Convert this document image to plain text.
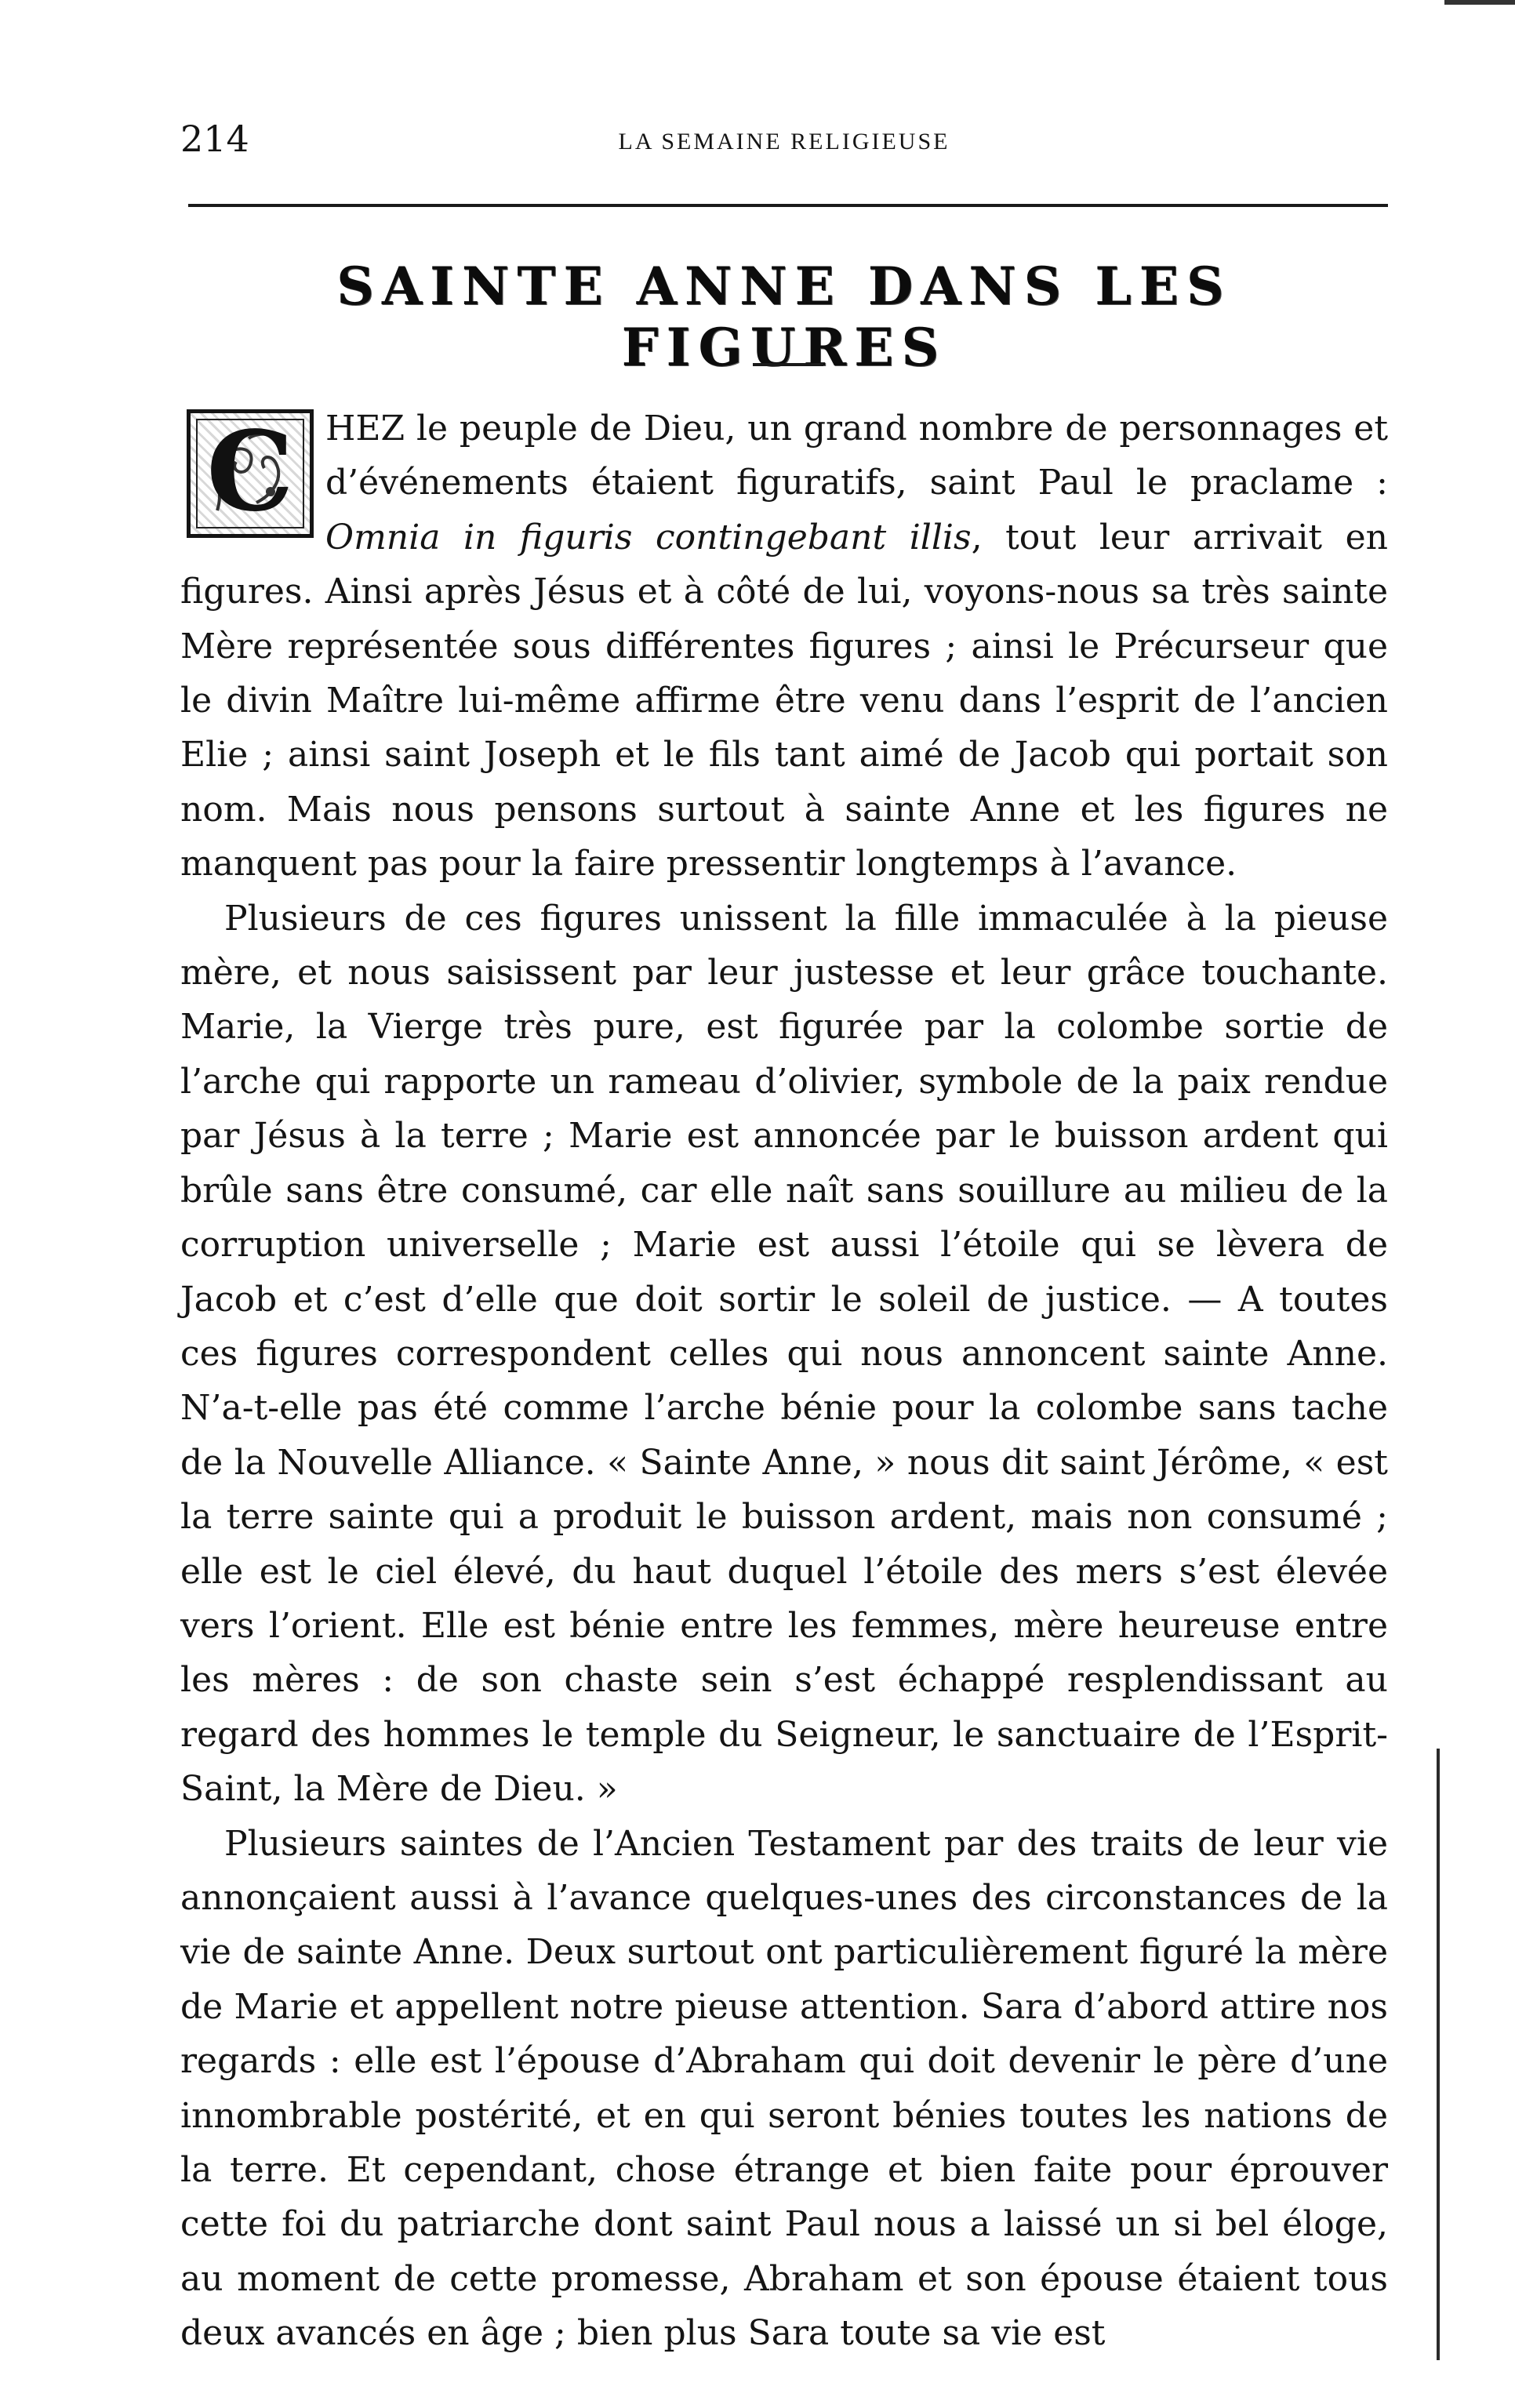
214	LA SEMAINE RELIGIEUSE
SAINTE ANNE DANS LES FIGURES
C HEZ le peuple de Dieu, un grand nombre de personnages et d’événements étaient figuratifs, saint Paul le praclame : Omnia in figuris contingebant illis, tout leur arrivait en figures. Ainsi après Jésus et à côté de lui, voyons-nous sa très sainte Mère représentée sous différentes figures ; ainsi le Précurseur que le divin Maître lui-même affirme être venu dans l’esprit de l’ancien Elie ; ainsi saint Joseph et le fils tant aimé de Jacob qui portait son nom. Mais nous pensons surtout à sainte Anne et les figures ne manquent pas pour la faire pressentir longtemps à l’avance.

Plusieurs de ces figures unissent la fille immaculée à la pieuse mère, et nous saisissent par leur justesse et leur grâce touchante. Marie, la Vierge très pure, est figurée par la colombe sortie de l’arche qui rapporte un rameau d’olivier, symbole de la paix rendue par Jésus à la terre ; Marie est annoncée par le buisson ardent qui brûle sans être consumé, car elle naît sans souillure au milieu de la corruption universelle ; Marie est aussi l’étoile qui se lèvera de Jacob et c’est d’elle que doit sortir le soleil de justice. — A toutes ces figures correspondent celles qui nous annoncent sainte Anne. N’a-t-elle pas été comme l’arche bénie pour la colombe sans tache de la Nouvelle Alliance. « Sainte Anne, » nous dit saint Jérôme, « est la terre sainte qui a produit le buisson ardent, mais non consumé ; elle est le ciel élevé, du haut duquel l’étoile des mers s’est élevée vers l’orient. Elle est bénie entre les femmes, mère heureuse entre les mères : de son chaste sein s’est échappé resplendissant au regard des hommes le temple du Seigneur, le sanctuaire de l’Esprit-Saint, la Mère de Dieu. »

Plusieurs saintes de l’Ancien Testament par des traits de leur vie annonçaient aussi à l’avance quelques-unes des circonstances de la vie de sainte Anne. Deux surtout ont particulièrement figuré la mère de Marie et appellent notre pieuse attention. Sara d’abord attire nos regards : elle est l’épouse d’Abraham qui doit devenir le père d’une innombrable postérité, et en qui seront bénies toutes les nations de la terre. Et cependant, chose étrange et bien faite pour éprouver cette foi du patriarche dont saint Paul nous a laissé un si bel éloge, au moment de cette promesse, Abraham et son épouse étaient tous deux avancés en âge ; bien plus Sara toute sa vie est
